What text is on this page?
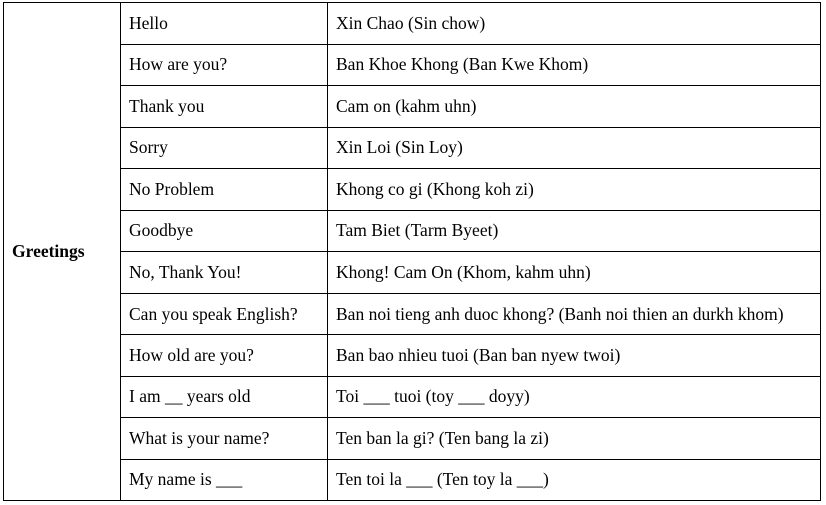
Greetings	Hello	Xin Chao (Sin chow)
	How are you?	Ban Khoe Khong (Ban Kwe Khom)
	Thank you	Cam on (kahm uhn)
	Sorry	Xin Loi (Sin Loy)
	No Problem	Khong co gi (Khong koh zi)
	Goodbye	Tam Biet (Tarm Byeet)
	No, Thank You!	Khong! Cam On (Khom, kahm uhn)
	Can you speak English?	Ban noi tieng anh duoc khong? (Banh noi thien an durkh khom)
	How old are you?	Ban bao nhieu tuoi (Ban ban nyew twoi)
	I am __ years old	Toi ___ tuoi (toy ___ doyy)
	What is your name?	Ten ban la gi? (Ten bang la zi)
	My name is ___	Ten toi la ___ (Ten toy la ___)
